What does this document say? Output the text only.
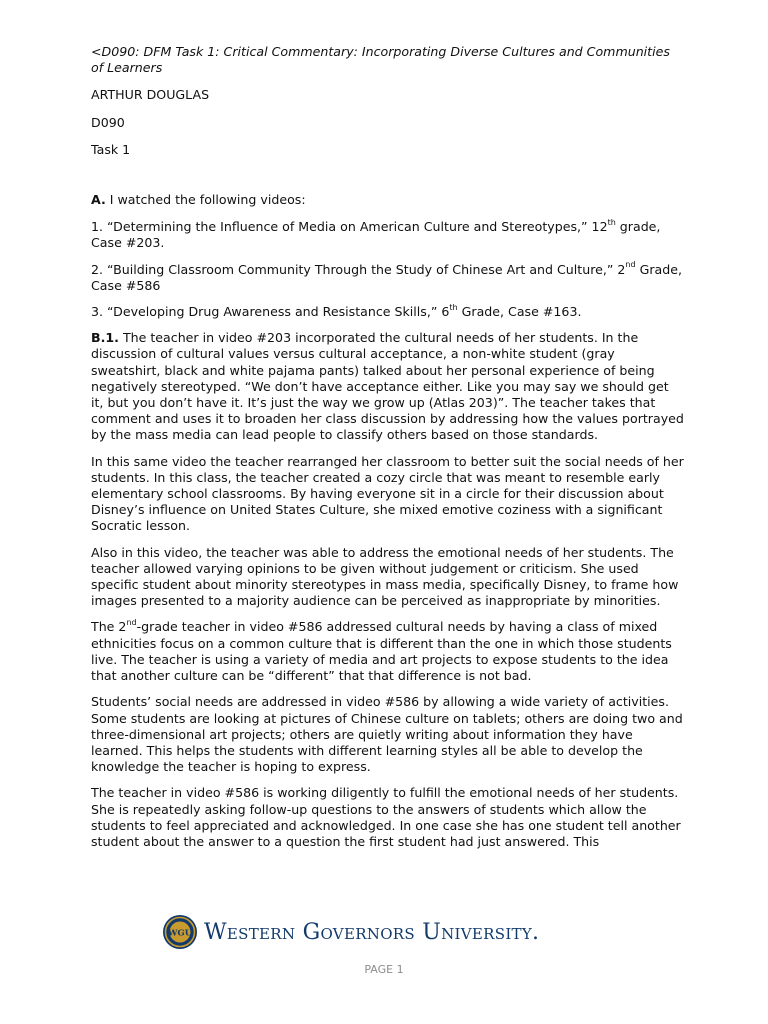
<D090: DFM Task 1: Critical Commentary: Incorporating Diverse Cultures and Communities of Learners

ARTHUR DOUGLAS

D090

Task 1

A. I watched the following videos:

1. “Determining the Influence of Media on American Culture and Stereotypes,” 12th grade, Case #203.

2. “Building Classroom Community Through the Study of Chinese Art and Culture,” 2nd Grade, Case #586

3. “Developing Drug Awareness and Resistance Skills,” 6th Grade, Case #163.

B.1. The teacher in video #203 incorporated the cultural needs of her students. In the discussion of cultural values versus cultural acceptance, a non-white student (gray sweatshirt, black and white pajama pants) talked about her personal experience of being negatively stereotyped. “We don’t have acceptance either. Like you may say we should get it, but you don’t have it. It’s just the way we grow up (Atlas 203)”. The teacher takes that comment and uses it to broaden her class discussion by addressing how the values portrayed by the mass media can lead people to classify others based on those standards.

In this same video the teacher rearranged her classroom to better suit the social needs of her students. In this class, the teacher created a cozy circle that was meant to resemble early elementary school classrooms. By having everyone sit in a circle for their discussion about Disney’s influence on United States Culture, she mixed emotive coziness with a significant Socratic lesson.

Also in this video, the teacher was able to address the emotional needs of her students. The teacher allowed varying opinions to be given without judgement or criticism. She used specific student about minority stereotypes in mass media, specifically Disney, to frame how images presented to a majority audience can be perceived as inappropriate by minorities.

The 2nd-grade teacher in video #586 addressed cultural needs by having a class of mixed ethnicities focus on a common culture that is different than the one in which those students live. The teacher is using a variety of media and art projects to expose students to the idea that another culture can be “different” that that difference is not bad.

Students’ social needs are addressed in video #586 by allowing a wide variety of activities. Some students are looking at pictures of Chinese culture on tablets; others are doing two and three-dimensional art projects; others are quietly writing about information they have learned. This helps the students with different learning styles all be able to develop the knowledge the teacher is hoping to express.

The teacher in video #586 is working diligently to fulfill the emotional needs of her students. She is repeatedly asking follow-up questions to the answers of students which allow the students to feel appreciated and acknowledged. In one case she has one student tell another student about the answer to a question the first student had just answered. This

WGU Western Governors University.
PAGE 1
